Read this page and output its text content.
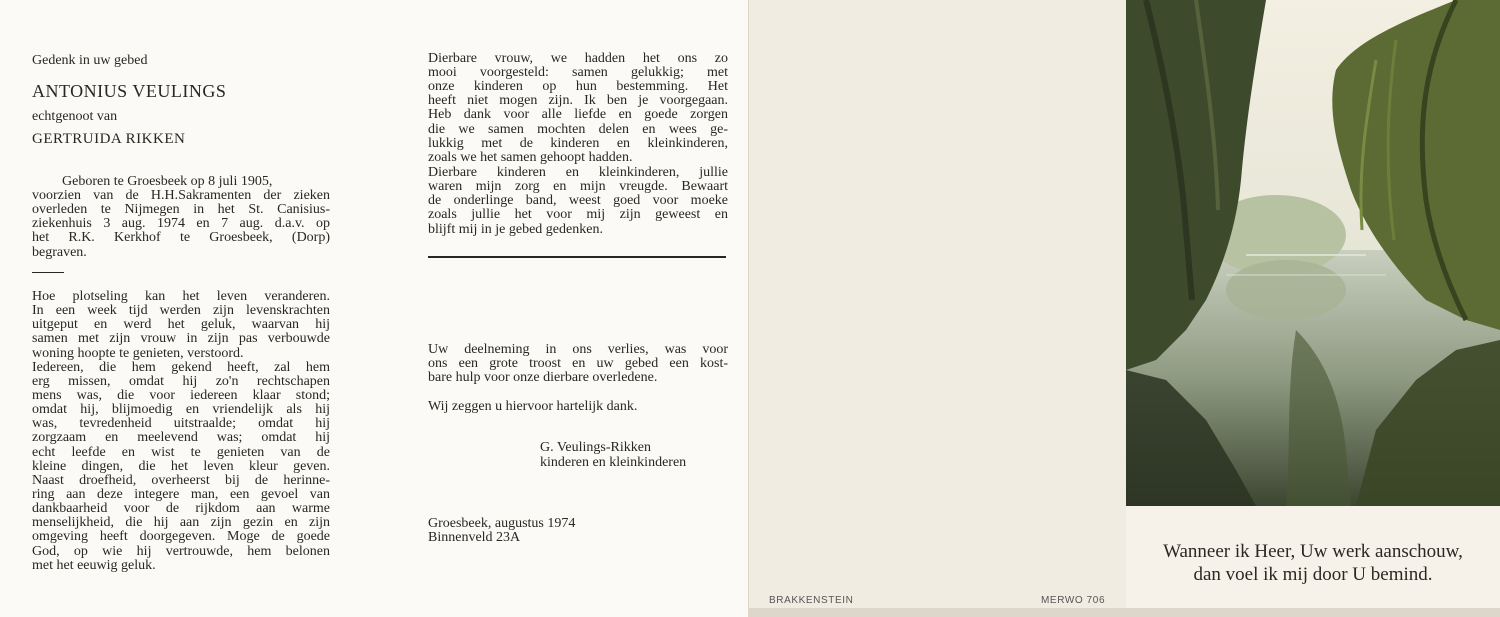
Gedenk in uw gebed
ANTONIUS VEULINGS
echtgenoot van
GERTRUIDA RIKKEN
Geboren te Groesbeek op 8 juli 1905,
voorzien van de H.H.Sakramenten der zieken
overleden te Nijmegen in het St. Canisius-
ziekenhuis 3 aug. 1974 en 7 aug. d.a.v. op
het R.K. Kerkhof te Groesbeek, (Dorp)
begraven.
Hoe plotseling kan het leven veranderen.
In een week tijd werden zijn levenskrachten
uitgeput en werd het geluk, waarvan hij
samen met zijn vrouw in zijn pas verbouwde
woning hoopte te genieten, verstoord.
Iedereen, die hem gekend heeft, zal hem
erg missen, omdat hij zo'n rechtschapen
mens was, die voor iedereen klaar stond;
omdat hij, blijmoedig en vriendelijk als hij
was, tevredenheid uitstraalde; omdat hij
zorgzaam en meelevend was; omdat hij
echt leefde en wist te genieten van de
kleine dingen, die het leven kleur geven.
Naast droefheid, overheerst bij de herinne-
ring aan deze integere man, een gevoel van
dankbaarheid voor de rijkdom aan warme
menselijkheid, die hij aan zijn gezin en zijn
omgeving heeft doorgegeven. Moge de goede
God, op wie hij vertrouwde, hem belonen
met het eeuwig geluk.
Dierbare vrouw, we hadden het ons zo
mooi voorgesteld: samen gelukkig; met
onze kinderen op hun bestemming. Het
heeft niet mogen zijn. Ik ben je voorgegaan.
Heb dank voor alle liefde en goede zorgen
die we samen mochten delen en wees ge-
lukkig met de kinderen en kleinkinderen,
zoals we het samen gehoopt hadden.
Dierbare kinderen en kleinkinderen, jullie
waren mijn zorg en mijn vreugde. Bewaart
de onderlinge band, weest goed voor moeke
zoals jullie het voor mij zijn geweest en
blijft mij in je gebed gedenken.
Uw deelneming in ons verlies, was voor
ons een grote troost en uw gebed een kost-
bare hulp voor onze dierbare overledene.
Wij zeggen u hiervoor hartelijk dank.
G. Veulings-Rikken
kinderen en kleinkinderen
Groesbeek, augustus 1974
Binnenveld 23A
BRAKKENSTEIN	MERWO 706
Wanneer ik Heer, Uw werk aanschouw,
dan voel ik mij door U bemind.
